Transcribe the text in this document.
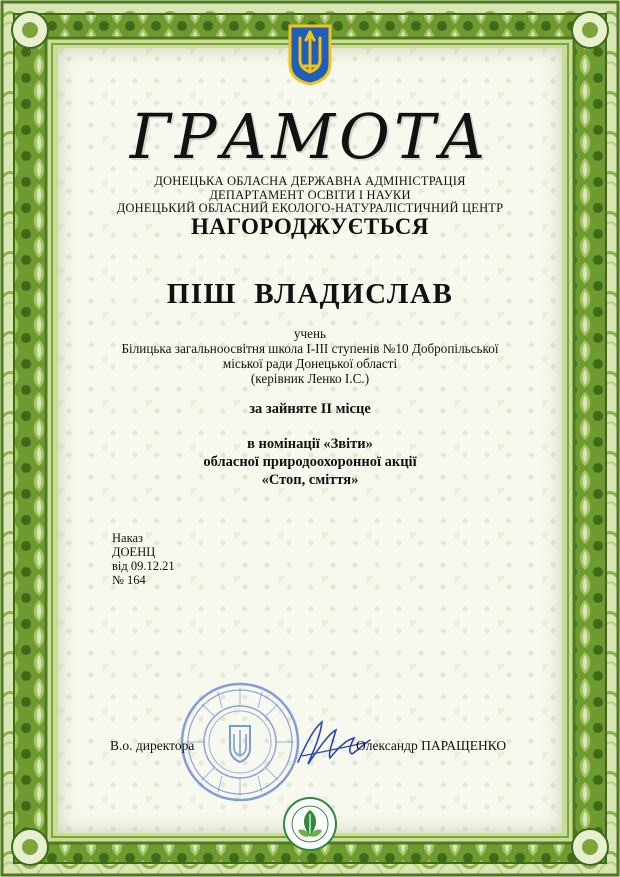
ГРАМОТА
ДОНЕЦЬКА ОБЛАСНА ДЕРЖАВНА АДМІНІСТРАЦІЯ
ДЕПАРТАМЕНТ ОСВІТИ І НАУКИ
ДОНЕЦЬКИЙ ОБЛАСНИЙ ЕКОЛОГО-НАТУРАЛІСТИЧНИЙ ЦЕНТР
НАГОРОДЖУЄТЬСЯ
ПІШ  ВЛАДИСЛАВ
учень
Білицька загальноосвітня школа І-ІІІ ступенів №10 Добропільської
міської ради Донецької області
(керівник Ленко І.С.)
за зайняте ІІ місце
в номінації «Звіти»
обласної природоохоронної акції
«Стоп, сміття»
Наказ
ДОЕНЦ
від 09.12.21
№ 164
В.о. директора	Олександр ПАРАЩЕНКО
